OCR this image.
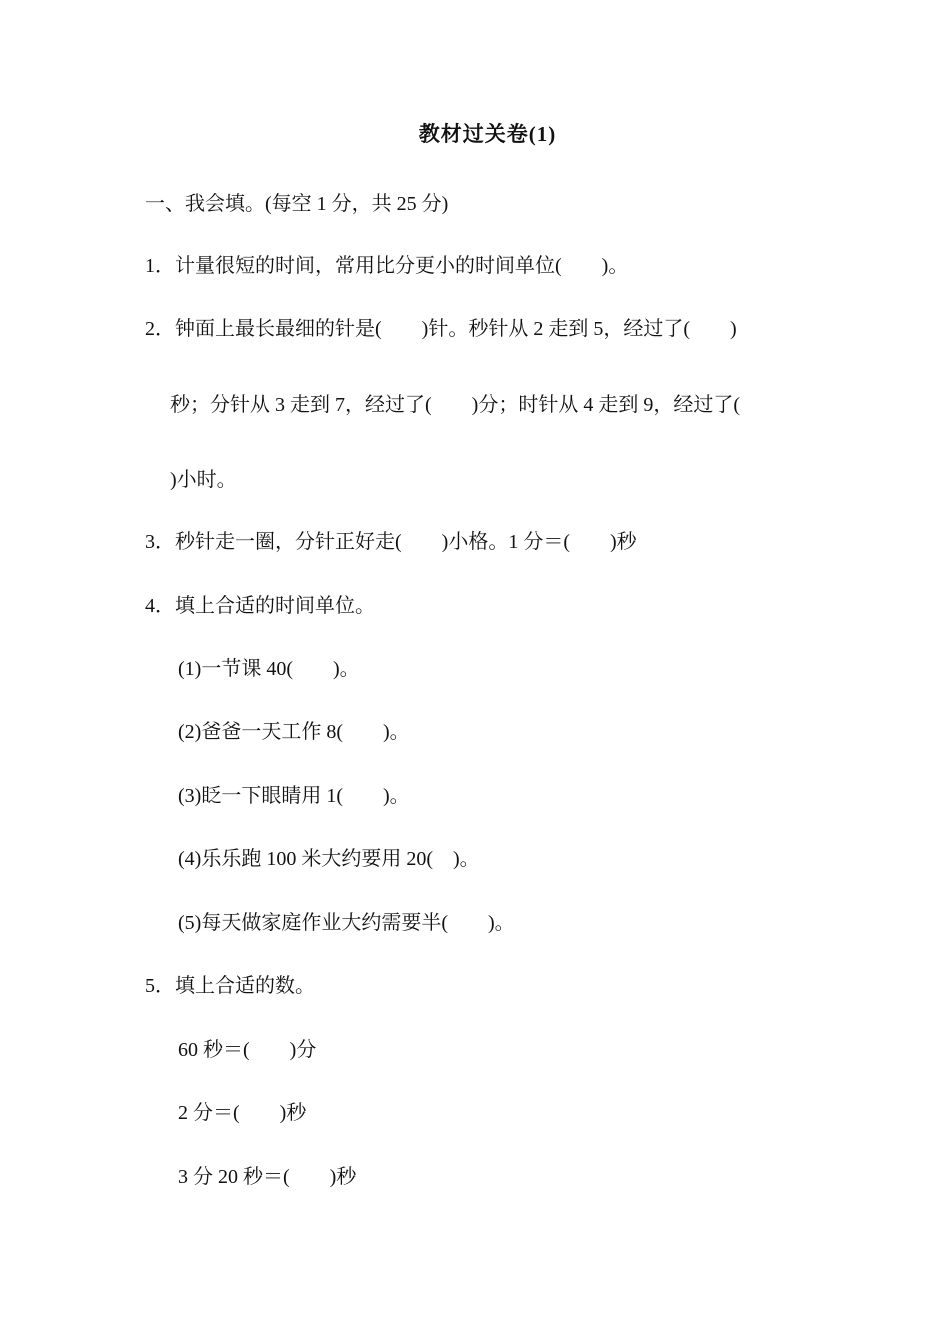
教材过关卷(1)
一、我会填。(每空 1 分，共 25 分)
1．计量很短的时间，常用比分更小的时间单位(　　)。
2．钟面上最长最细的针是(　　)针。秒针从 2 走到 5，经过了(　　)
秒；分针从 3 走到 7，经过了(　　)分；时针从 4 走到 9，经过了(
)小时。
3．秒针走一圈，分针正好走(　　)小格。1 分＝(　　)秒
4．填上合适的时间单位。
(1)一节课 40(　　)。
(2)爸爸一天工作 8(　　)。
(3)眨一下眼睛用 1(　　)。
(4)乐乐跑 100 米大约要用 20(　)。
(5)每天做家庭作业大约需要半(　　)。
5．填上合适的数。
60 秒＝(　　)分
2 分＝(　　)秒
3 分 20 秒＝(　　)秒
